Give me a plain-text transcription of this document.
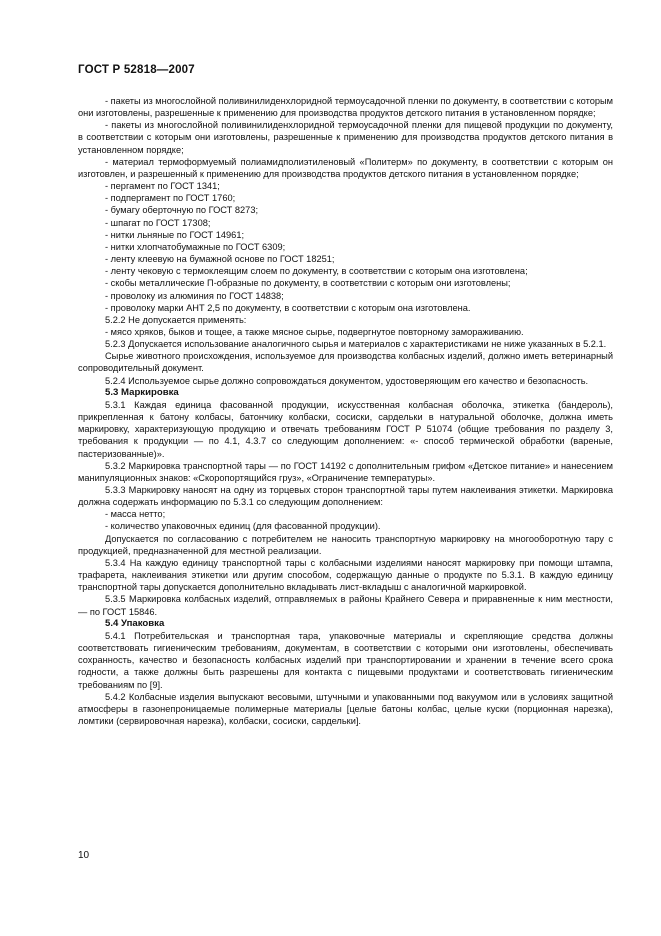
ГОСТ Р 52818—2007

- пакеты из многослойной поливинилиденхлоридной термоусадочной пленки по документу, в соответствии с которым они изготовлены, разрешенные к применению для производства продуктов детского питания в установленном порядке;

- пакеты из многослойной поливинилиденхлоридной термоусадочной пленки для пищевой продукции по документу, в соответствии с которым они изготовлены, разрешенные к применению для производства продуктов детского питания в установленном порядке;

- материал термоформуемый полиамидполиэтиленовый «Политерм» по документу, в соответствии с которым он изготовлен, и разрешенный к применению для производства продуктов детского питания в установленном порядке;

- пергамент по ГОСТ 1341;

- подпергамент по ГОСТ 1760;

- бумагу оберточную по ГОСТ 8273;

- шпагат по ГОСТ 17308;

- нитки льняные по ГОСТ 14961;

- нитки хлопчатобумажные по ГОСТ 6309;

- ленту клеевую на бумажной основе по ГОСТ 18251;

- ленту чековую с термоклеящим слоем по документу, в соответствии с которым она изготовлена;

- скобы металлические П-образные по документу, в соответствии с которым они изготовлены;

- проволоку из алюминия по ГОСТ 14838;

- проволоку марки АНТ 2,5 по документу, в соответствии с которым она изготовлена.

5.2.2 Не допускается применять:

- мясо хряков, быков и тощее, а также мясное сырье, подвергнутое повторному замораживанию.

5.2.3 Допускается использование аналогичного сырья и материалов с характеристиками не ниже указанных в 5.2.1.

Сырье животного происхождения, используемое для производства колбасных изделий, должно иметь ветеринарный сопроводительный документ.

5.2.4 Используемое сырье должно сопровождаться документом, удостоверяющим его качество и безопасность.

5.3 Маркировка

5.3.1 Каждая единица фасованной продукции, искусственная колбасная оболочка, этикетка (бандероль), прикрепленная к батону колбасы, батончику колбаски, сосиски, сардельки в натуральной оболочке, должна иметь маркировку, характеризующую продукцию и отвечать требованиям ГОСТ Р 51074 (общие требования по разделу 3, требования к продукции — по 4.1, 4.3.7 со следующим дополнением: «- способ термической обработки (вареные, пастеризованные)».

5.3.2 Маркировка транспортной тары — по ГОСТ 14192 с дополнительным грифом «Детское питание» и нанесением манипуляционных знаков: «Скоропортящийся груз», «Ограничение температуры».

5.3.3 Маркировку наносят на одну из торцевых сторон транспортной тары путем наклеивания этикетки. Маркировка должна содержать информацию по 5.3.1 со следующим дополнением:

- масса нетто;

- количество упаковочных единиц (для фасованной продукции).

Допускается по согласованию с потребителем не наносить транспортную маркировку на многооборотную тару с продукцией, предназначенной для местной реализации.

5.3.4 На каждую единицу транспортной тары с колбасными изделиями наносят маркировку при помощи штампа, трафарета, наклеивания этикетки или другим способом, содержащую данные о продукте по 5.3.1. В каждую единицу транспортной тары допускается дополнительно вкладывать лист-вкладыш с аналогичной маркировкой.

5.3.5 Маркировка колбасных изделий, отправляемых в районы Крайнего Севера и приравненные к ним местности, — по ГОСТ 15846.

5.4 Упаковка

5.4.1 Потребительская и транспортная тара, упаковочные материалы и скрепляющие средства должны соответствовать гигиеническим требованиям, документам, в соответствии с которыми они изготовлены, обеспечивать сохранность, качество и безопасность колбасных изделий при транспортировании и хранении в течение всего срока годности, а также должны быть разрешены для контакта с пищевыми продуктами и соответствовать гигиеническим требованиям по [9].

5.4.2 Колбасные изделия выпускают весовыми, штучными и упакованными под вакуумом или в условиях защитной атмосферы в газонепроницаемые полимерные материалы [целые батоны колбас, целые куски (порционная нарезка), ломтики (сервировочная нарезка), колбаски, сосиски, сардельки].

10
